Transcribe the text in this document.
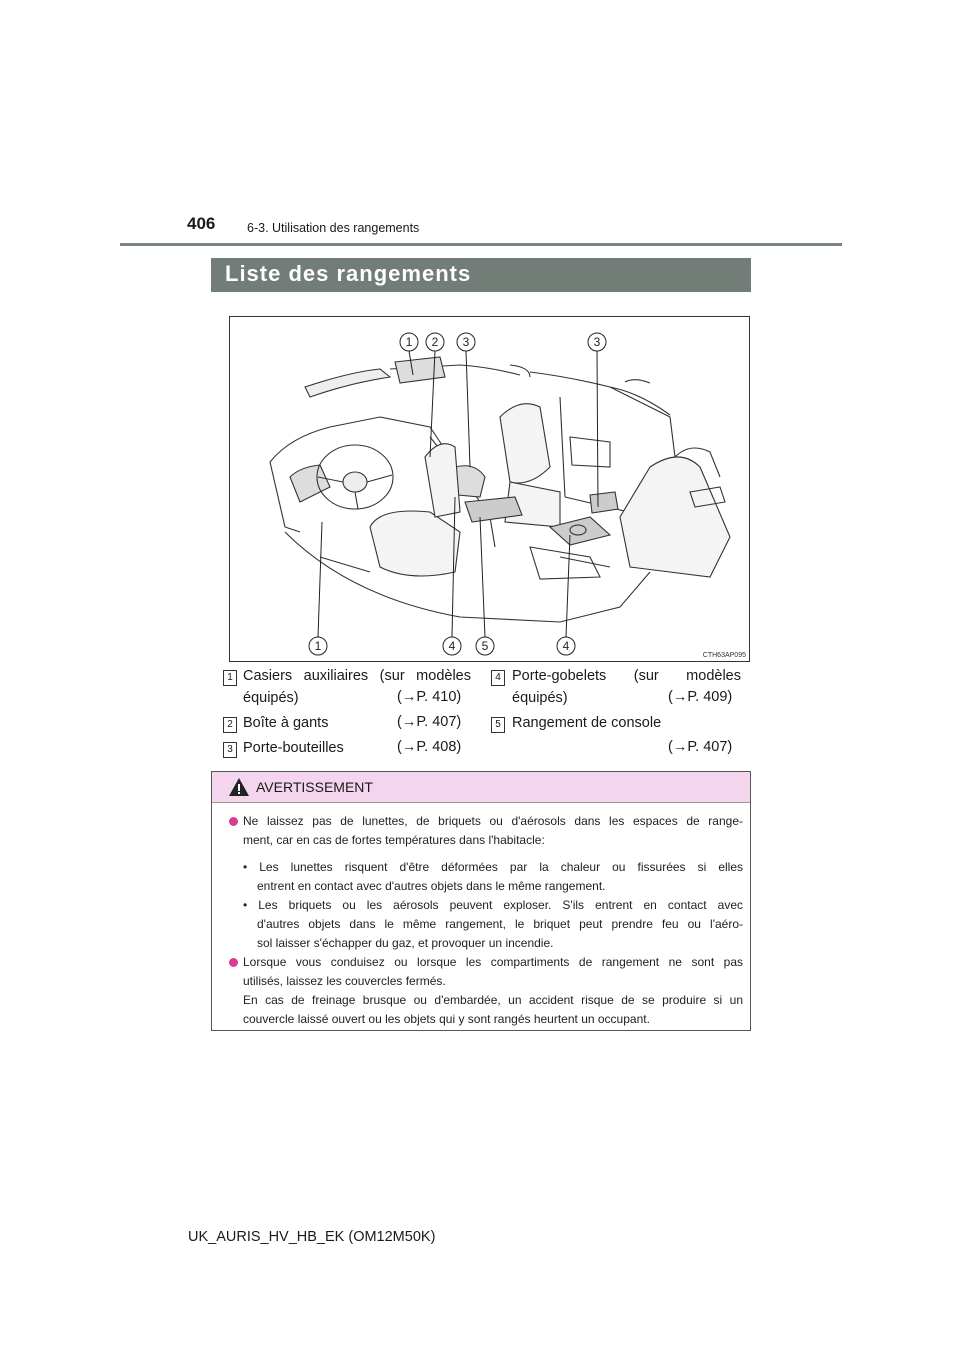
406	6-3. Utilisation des rangements
Liste des rangements
1 2 3	3
1	4 5	4
CTH63AP095
1 Casiers auxiliaires (sur modèles
équipés)	(→P. 410)
2 Boîte à gants	(→P. 407)
3 Porte-bouteilles	(→P. 408)
4 Porte-gobelets (sur modèles
équipés)	(→P. 409)
5 Rangement de console
(→P. 407)
AVERTISSEMENT
Ne laissez pas de lunettes, de briquets ou d'aérosols dans les espaces de range-
ment, car en cas de fortes températures dans l'habitacle:
• Les lunettes risquent d'être déformées par la chaleur ou fissurées si elles
entrent en contact avec d'autres objets dans le même rangement.
• Les briquets ou les aérosols peuvent exploser. S'ils entrent en contact avec
d'autres objets dans le même rangement, le briquet peut prendre feu ou l'aéro-
sol laisser s'échapper du gaz, et provoquer un incendie.
Lorsque vous conduisez ou lorsque les compartiments de rangement ne sont pas
utilisés, laissez les couvercles fermés.
En cas de freinage brusque ou d'embardée, un accident risque de se produire si un
couvercle laissé ouvert ou les objets qui y sont rangés heurtent un occupant.
UK_AURIS_HV_HB_EK (OM12M50K)
